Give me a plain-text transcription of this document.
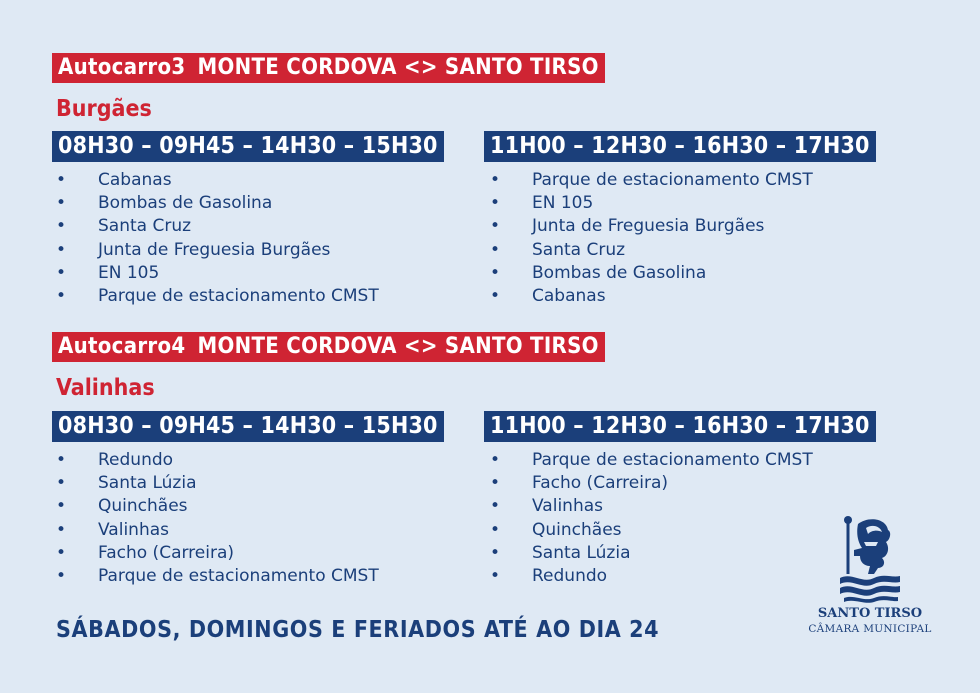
Autocarro3 MONTE CORDOVA <> SANTO TIRSO
Burgães
08H30 – 09H45 – 14H30 – 15H30
• Cabanas
• Bombas de Gasolina
• Santa Cruz
• Junta de Freguesia Burgães
• EN 105
• Parque de estacionamento CMST
11H00 – 12H30 – 16H30 – 17H30
• Parque de estacionamento CMST
• EN 105
• Junta de Freguesia Burgães
• Santa Cruz
• Bombas de Gasolina
• Cabanas
Autocarro4 MONTE CORDOVA <> SANTO TIRSO
Valinhas
08H30 – 09H45 – 14H30 – 15H30
• Redundo
• Santa Lúzia
• Quinchães
• Valinhas
• Facho (Carreira)
• Parque de estacionamento CMST
11H00 – 12H30 – 16H30 – 17H30
• Parque de estacionamento CMST
• Facho (Carreira)
• Valinhas
• Quinchães
• Santa Lúzia
• Redundo
SÁBADOS, DOMINGOS E FERIADOS ATÉ AO DIA 24
SANTO TIRSO
CÂMARA MUNICIPAL
